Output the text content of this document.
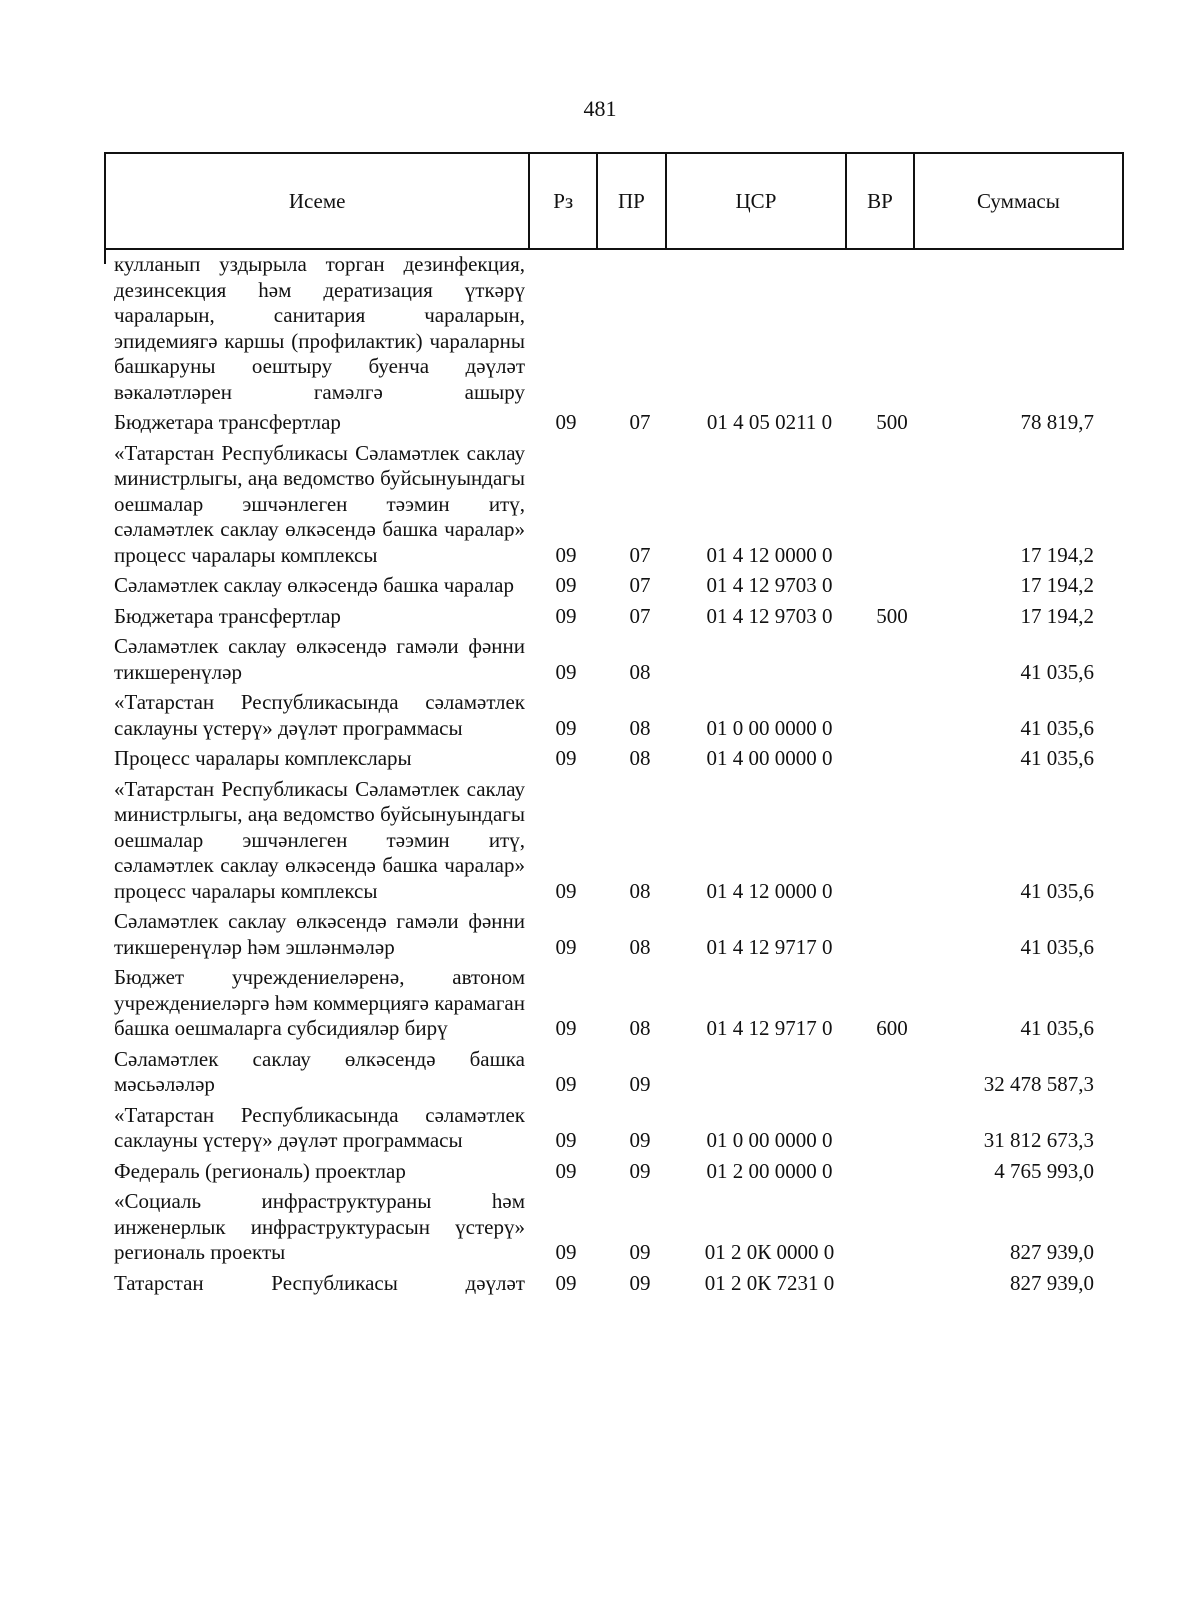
481
Исеме	Рз	ПР	ЦСР	ВР	Суммасы
кулланып уздырыла торган дезинфекция, дезинсекция һәм дератизация үткәрү чараларын, санитария чараларын, эпидемиягә каршы (профилактик) чараларны башкаруны оештыру буенча дәүләт вәкаләтләрен гамәлгә ашыру
Бюджетара трансфертлар	09	07	01 4 05 0211 0	500	78 819,7
«Татарстан Республикасы Сәламәтлек саклау министрлыгы, аңа ведомство буйсынуындагы оешмалар эшчәнлеген тәэмин итү, сәламәтлек саклау өлкәсендә башка чаралар» процесс чаралары комплексы	09	07	01 4 12 0000 0	17 194,2
Сәламәтлек саклау өлкәсендә башка чаралар	09	07	01 4 12 9703 0	17 194,2
Бюджетара трансфертлар	09	07	01 4 12 9703 0	500	17 194,2
Сәламәтлек саклау өлкәсендә гамәли фәнни тикшеренүләр	09	08	41 035,6
«Татарстан Республикасында сәламәтлек саклауны үстерү» дәүләт программасы	09	08	01 0 00 0000 0	41 035,6
Процесс чаралары комплекслары	09	08	01 4 00 0000 0	41 035,6
«Татарстан Республикасы Сәламәтлек саклау министрлыгы, аңа ведомство буйсынуындагы оешмалар эшчәнлеген тәэмин итү, сәламәтлек саклау өлкәсендә башка чаралар» процесс чаралары комплексы	09	08	01 4 12 0000 0	41 035,6
Сәламәтлек саклау өлкәсендә гамәли фәнни тикшеренүләр һәм эшләнмәләр	09	08	01 4 12 9717 0	41 035,6
Бюджет учреждениеләренә, автоном учреждениеләргә һәм коммерциягә карамаган башка оешмаларга субсидияләр бирү	09	08	01 4 12 9717 0	600	41 035,6
Сәламәтлек саклау өлкәсендә башка мәсьәләләр	09	09	32 478 587,3
«Татарстан Республикасында сәламәтлек саклауны үстерү» дәүләт программасы	09	09	01 0 00 0000 0	31 812 673,3
Федераль (региональ) проектлар	09	09	01 2 00 0000 0	4 765 993,0
«Социаль инфраструктураны һәм инженерлык инфраструктурасын үстерү» региональ проекты	09	09	01 2 0К 0000 0	827 939,0
Татарстан Республикасы дәүләт	09	09	01 2 0К 7231 0	827 939,0
